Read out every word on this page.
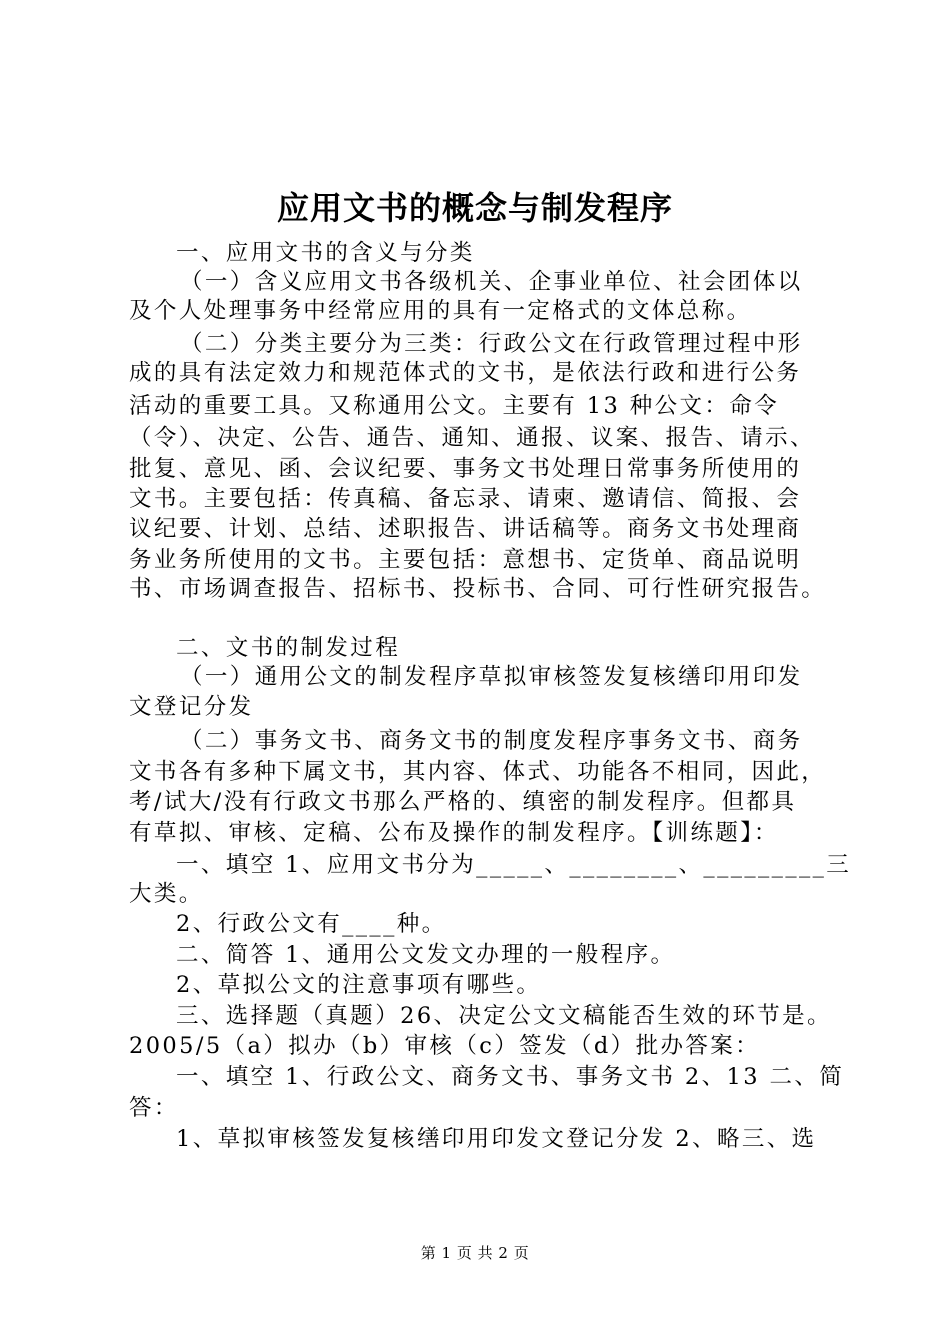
应用文书的概念与制发程序
一、应用文书的含义与分类
（一）含义应用文书各级机关、企事业单位、社会团体以
及个人处理事务中经常应用的具有一定格式的文体总称。
（二）分类主要分为三类：行政公文在行政管理过程中形
成的具有法定效力和规范体式的文书，是依法行政和进行公务
活动的重要工具。又称通用公文。主要有 13 种公文：命令
（令）、决定、公告、通告、通知、通报、议案、报告、请示、
批复、意见、函、会议纪要、事务文书处理日常事务所使用的
文书。主要包括：传真稿、备忘录、请柬、邀请信、简报、会
议纪要、计划、总结、述职报告、讲话稿等。商务文书处理商
务业务所使用的文书。主要包括：意想书、定货单、商品说明
书、市场调查报告、招标书、投标书、合同、可行性研究报告。
二、文书的制发过程
（一）通用公文的制发程序草拟审核签发复核缮印用印发
文登记分发
（二）事务文书、商务文书的制度发程序事务文书、商务
文书各有多种下属文书，其内容、体式、功能各不相同，因此，
考/试大/没有行政文书那么严格的、缜密的制发程序。但都具
有草拟、审核、定稿、公布及操作的制发程序。【训练题】：
一、填空 1、应用文书分为_____、________、_________三
大类。
2、行政公文有____种。
二、简答 1、通用公文发文办理的一般程序。
2、草拟公文的注意事项有哪些。
三、选择题（真题）26、决定公文文稿能否生效的环节是。
2005/5（a）拟办（b）审核（c）签发（d）批办答案：
一、填空 1、行政公文、商务文书、事务文书 2、13 二、简
答：
1、草拟审核签发复核缮印用印发文登记分发 2、略三、选
第 1 页 共 2 页
